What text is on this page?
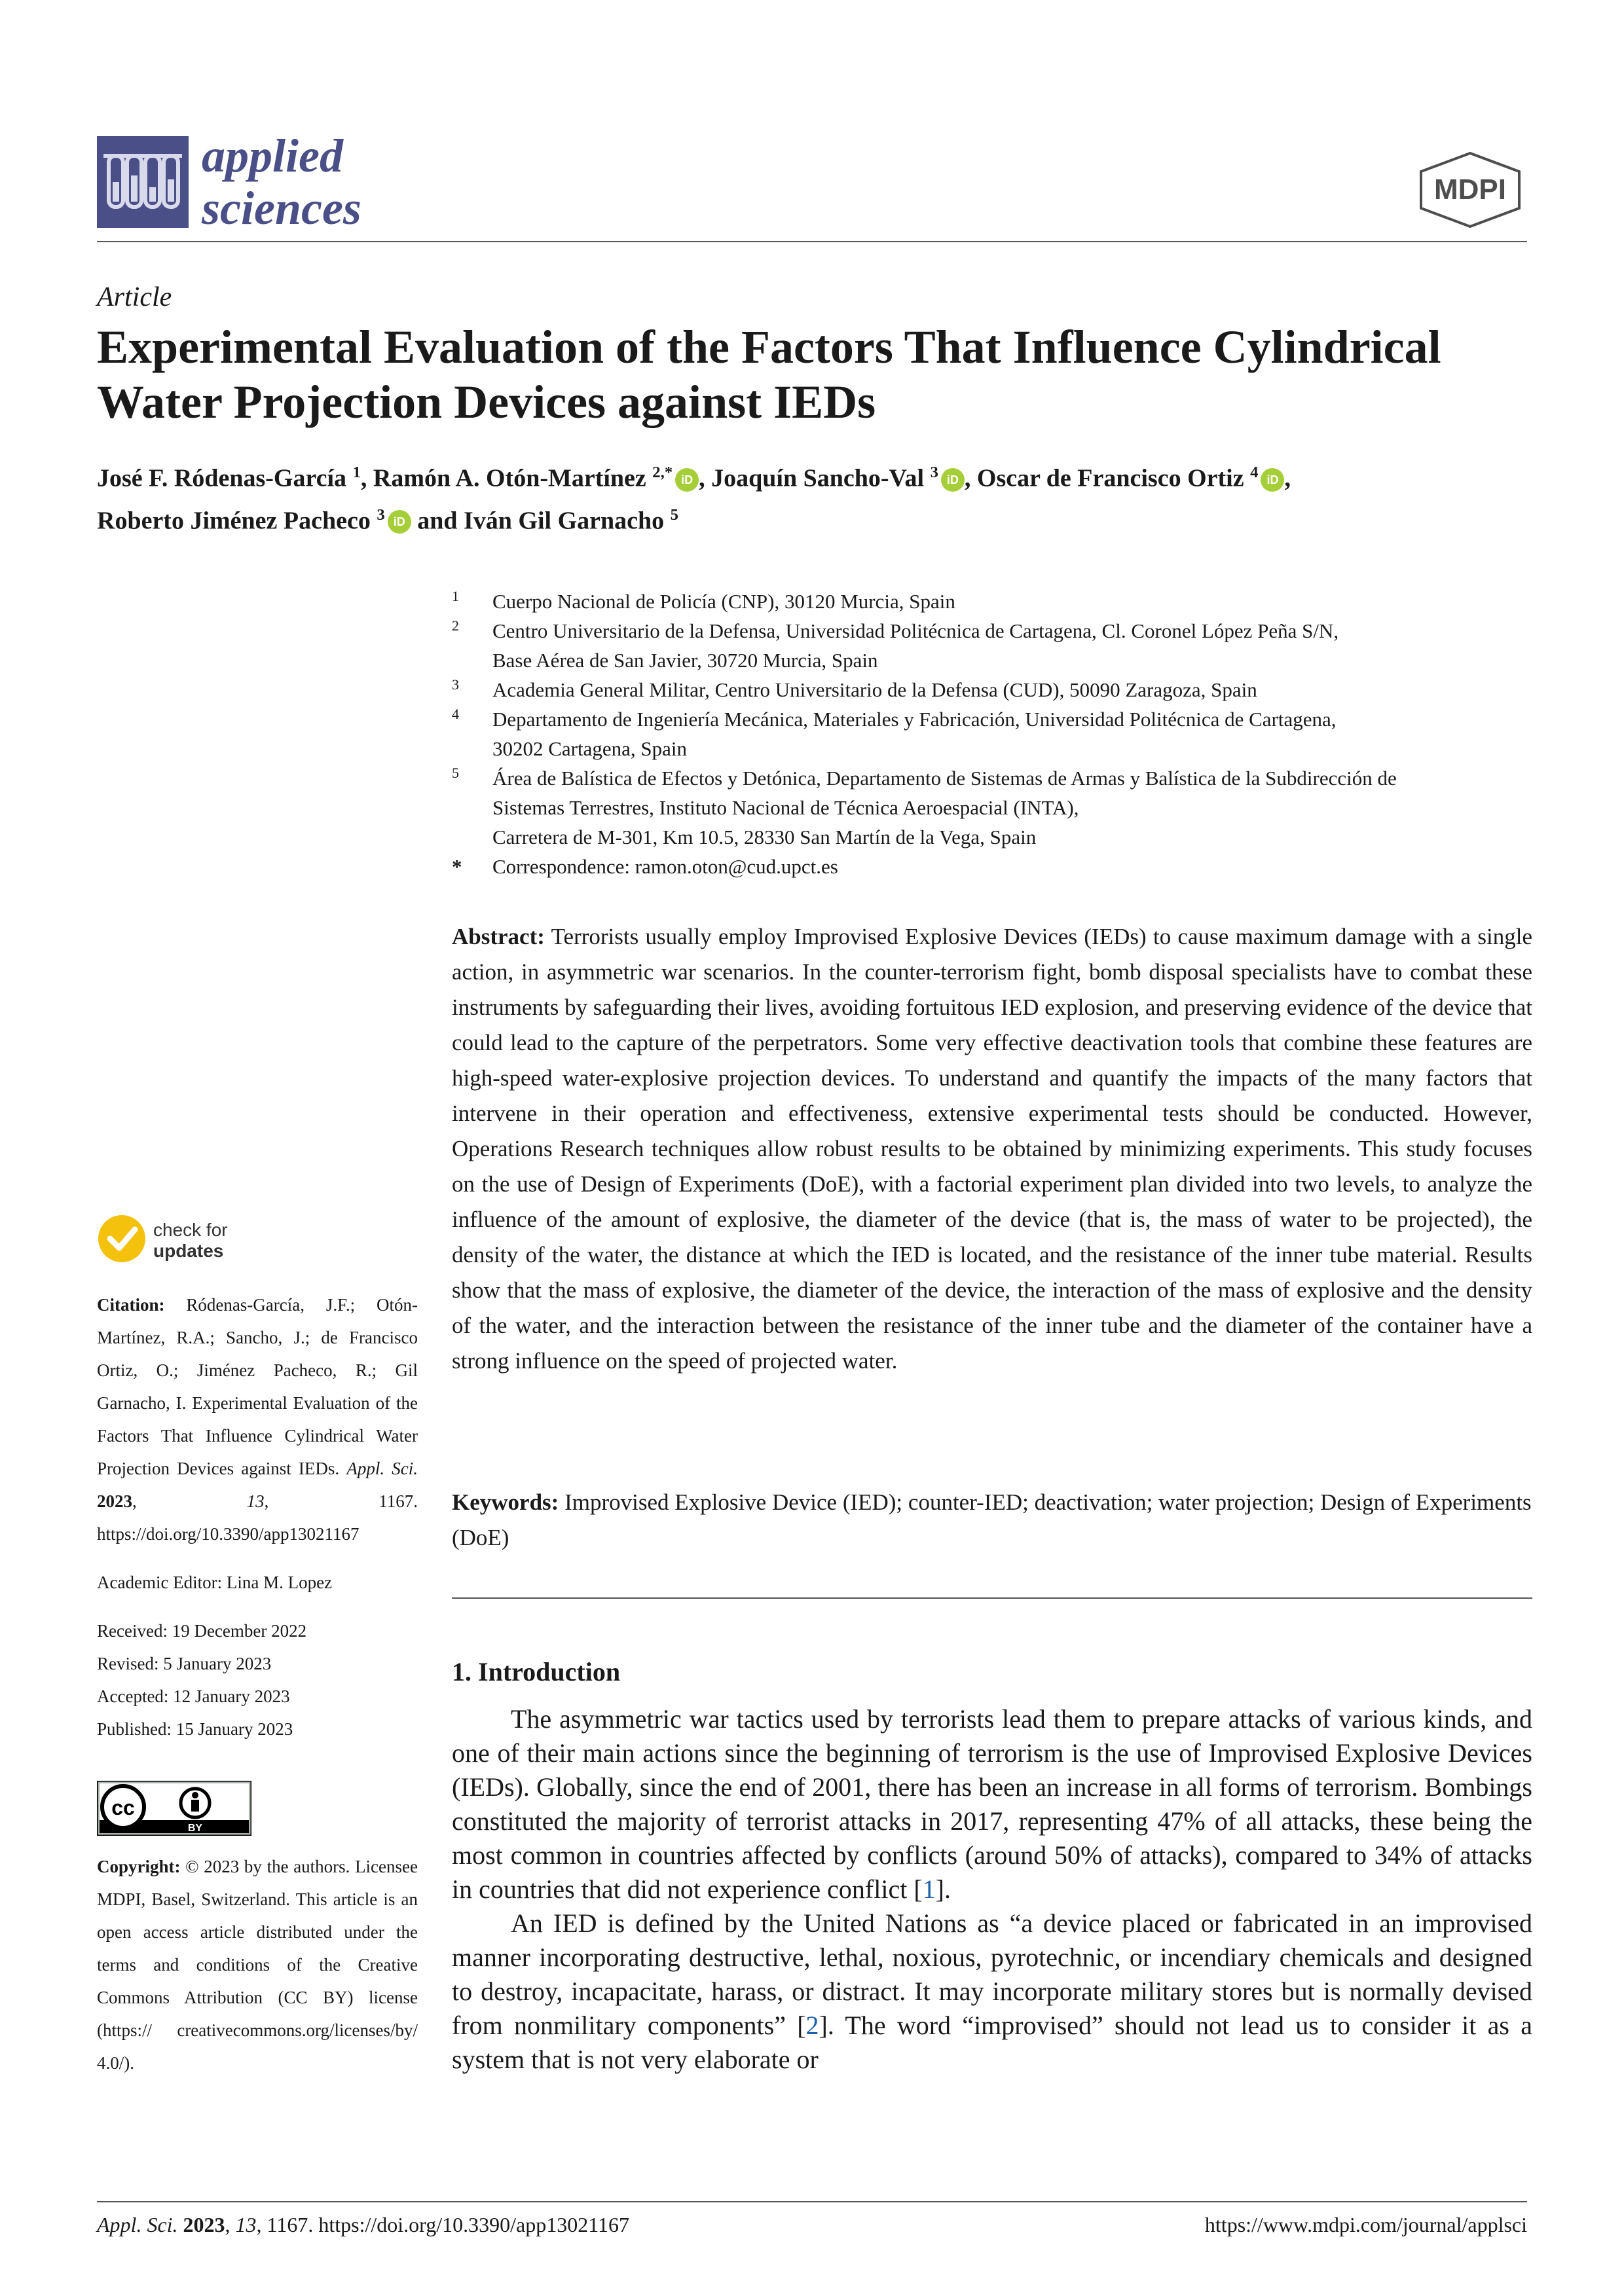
applied
sciences	MDPI
Article
Experimental Evaluation of the Factors That Influence Cylindrical Water Projection Devices against IEDs
José F. Ródenas-García $^1$, Ramón A. Otón-Martínez $^{2,*}$ iD , Joaquín Sancho-Val $^3$ iD , Oscar de Francisco Ortiz $^4$ iD ,
Roberto Jiménez Pacheco $^3$ iD and Iván Gil Garnacho $^5$
1 Cuerpo Nacional de Policía (CNP), 30120 Murcia, Spain
2 Centro Universitario de la Defensa, Universidad Politécnica de Cartagena, Cl. Coronel López Peña S/N,
Base Aérea de San Javier, 30720 Murcia, Spain
3 Academia General Militar, Centro Universitario de la Defensa (CUD), 50090 Zaragoza, Spain
4 Departamento de Ingeniería Mecánica, Materiales y Fabricación, Universidad Politécnica de Cartagena,
30202 Cartagena, Spain
5 Área de Balística de Efectos y Detónica, Departamento de Sistemas de Armas y Balística de la Subdirección de
Sistemas Terrestres, Instituto Nacional de Técnica Aeroespacial (INTA),
Carretera de M-301, Km 10.5, 28330 San Martín de la Vega, Spain
* Correspondence: ramon.oton@cud.upct.es
Abstract: Terrorists usually employ Improvised Explosive Devices (IEDs) to cause maximum damage with a single action, in asymmetric war scenarios. In the counter-terrorism fight, bomb disposal specialists have to combat these instruments by safeguarding their lives, avoiding fortuitous IED explosion, and preserving evidence of the device that could lead to the capture of the perpetrators. Some very effective deactivation tools that combine these features are high-speed water-explosive projection devices. To understand and quantify the impacts of the many factors that intervene in their operation and effectiveness, extensive experimental tests should be conducted. However, Operations Research techniques allow robust results to be obtained by minimizing experiments. This study focuses on the use of Design of Experiments (DoE), with a factorial experiment plan divided into two levels, to analyze the influence of the amount of explosive, the diameter of the device (that is, the mass of water to be projected), the density of the water, the distance at which the IED is located, and the resistance of the inner tube material. Results show that the mass of explosive, the diameter of the device, the interaction of the mass of explosive and the density of the water, and the interaction between the resistance of the inner tube and the diameter of the container have a strong influence on the speed of projected water.
Keywords: Improvised Explosive Device (IED); counter-IED; deactivation; water projection; Design of Experiments (DoE)
1. Introduction

The asymmetric war tactics used by terrorists lead them to prepare attacks of various kinds, and one of their main actions since the beginning of terrorism is the use of Improvised Explosive Devices (IEDs). Globally, since the end of 2001, there has been an increase in all forms of terrorism. Bombings constituted the majority of terrorist attacks in 2017, representing 47% of all attacks, these being the most common in countries affected by conflicts (around 50% of attacks), compared to 34% of attacks in countries that did not experience conflict [1].

An IED is defined by the United Nations as “a device placed or fabricated in an improvised manner incorporating destructive, lethal, noxious, pyrotechnic, or incendiary chemicals and designed to destroy, incapacitate, harass, or distract. It may incorporate military stores but is normally devised from nonmilitary components” [2]. The word “improvised” should not lead us to consider it as a system that is not very elaborate or

check for
updates
Citation: Ródenas-García, J.F.; Otón-Martínez, R.A.; Sancho, J.; de Francisco Ortiz, O.; Jiménez Pacheco, R.; Gil Garnacho, I. Experimental Evaluation of the Factors That Influence Cylindrical Water Projection Devices against IEDs. Appl. Sci. 2023, 13, 1167. https://doi.org/10.3390/app13021167
Academic Editor: Lina M. Lopez
Received: 19 December 2022
Revised: 5 January 2023
Accepted: 12 January 2023
Published: 15 January 2023
cc
BY
Copyright: © 2023 by the authors. Licensee MDPI, Basel, Switzerland. This article is an open access article distributed under the terms and conditions of the Creative Commons Attribution (CC BY) license (https:// creativecommons.org/licenses/by/ 4.0/).
Appl. Sci. 2023, 13, 1167. https://doi.org/10.3390/app13021167	https://www.mdpi.com/journal/applsci
